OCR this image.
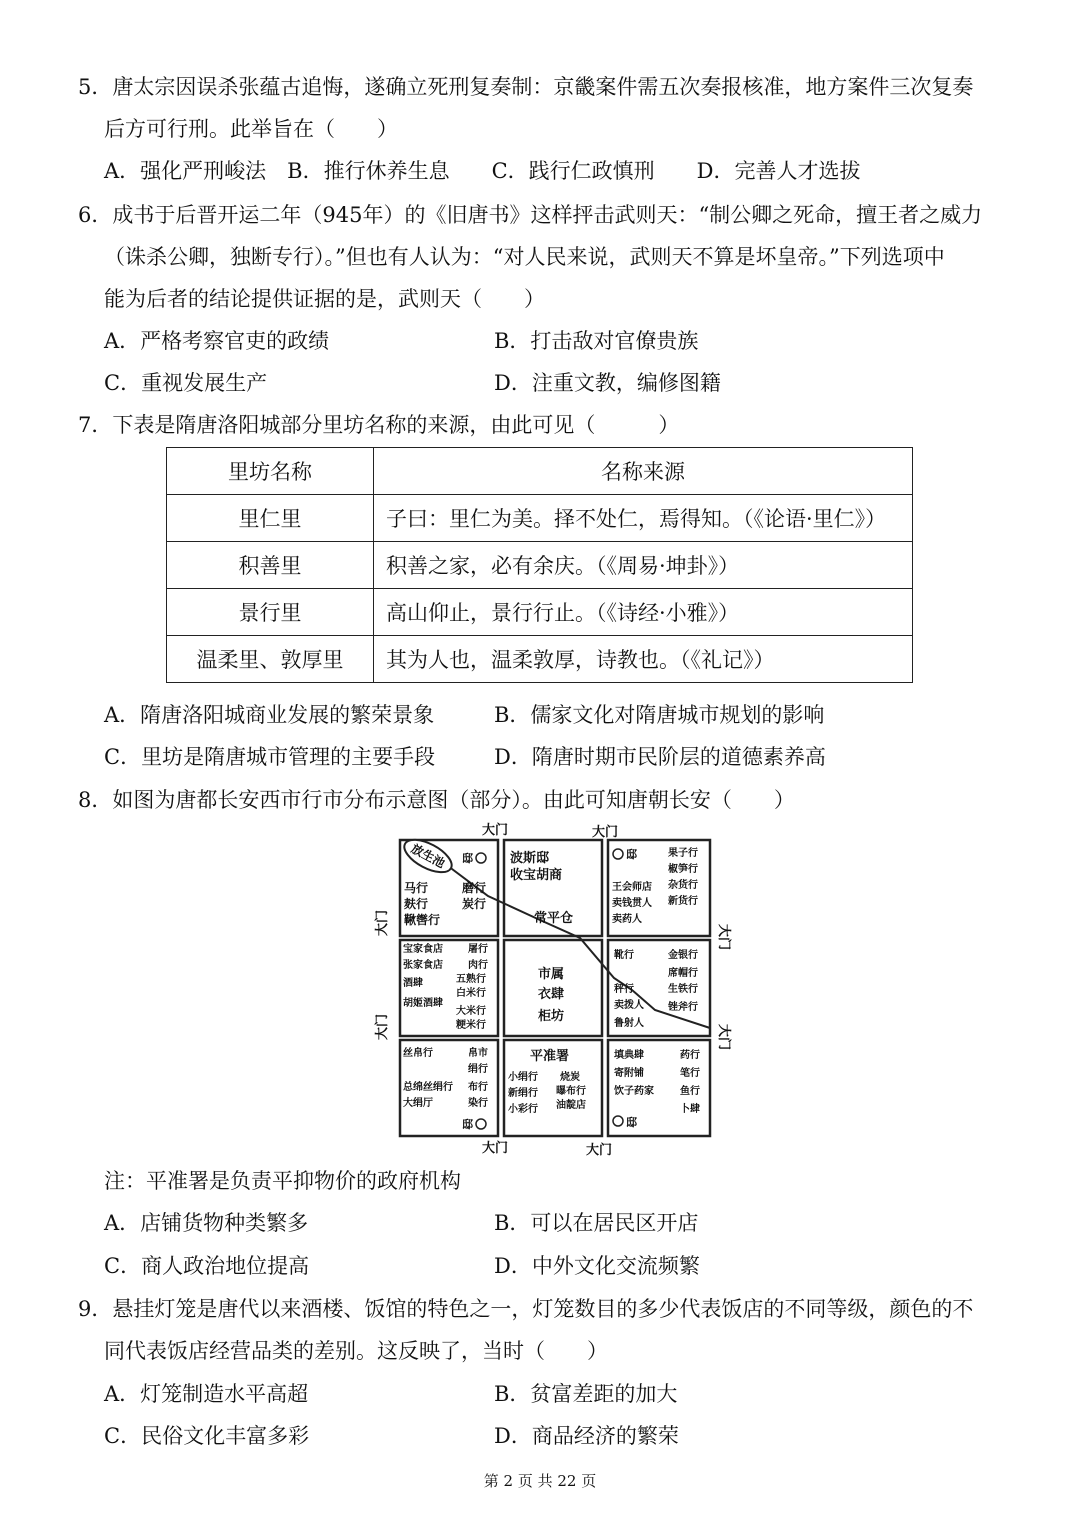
5．唐太宗因误杀张蕴古追悔，遂确立死刑复奏制：京畿案件需五次奏报核准，地方案件三次复奏
后方可行刑。此举旨在（　　）
A．强化严刑峻法　B．推行休养生息　　C．践行仁政慎刑　　D．完善人才选拔
6．成书于后晋开运二年（945年）的《旧唐书》这样抨击武则天：“制公卿之死命，擅王者之威力
（诛杀公卿，独断专行）。”但也有人认为：“对人民来说，武则天不算是坏皇帝。”下列选项中
能为后者的结论提供证据的是，武则天（　　）
A．严格考察官吏的政绩	B．打击敌对官僚贵族
C．重视发展生产	D．注重文教，编修图籍
7．下表是隋唐洛阳城部分里坊名称的来源，由此可见（　　　）
里坊名称	名称来源
里仁里	子曰：里仁为美。择不处仁，焉得知。（《论语·里仁》）
积善里	积善之家，必有余庆。（《周易·坤卦》）
景行里	高山仰止，景行行止。（《诗经·小雅》）
温柔里、敦厚里	其为人也，温柔敦厚，诗教也。（《礼记》）
A．隋唐洛阳城商业发展的繁荣景象	B．儒家文化对隋唐城市规划的影响
C．里坊是隋唐城市管理的主要手段	D．隋唐时期市民阶层的道德素养高
8．如图为唐都长安西市行市分布示意图（部分）。由此可知唐朝长安（　　）
放生池
大门	大门
大门	大门
大门
大门
大门
大门
邸
马行	磨行
麸行	炭行
鞦辔行
波斯邸
收宝胡商
常平仓
邸	果子行
椒笋行
王会师店 杂货行
卖钱贯人 新货行
卖药人
宝家食店	屠行
张家食店	肉行
酒肆	五熟行
白米行
胡姬酒肆
大米行
粳米行
市属
衣肆
柜坊
靴行	金银行
席帽行
秤行	生铁行
卖拨人 锉斧行
鲁射人
丝帛行	帛市
绢行
总绵丝绢行 布行
大绢厅	染行
邸
平准署
小绢行 烧炭
新绢行 曝布行
小彩行 油靛店
填典肆	药行
寄附铺	笔行
饮子药家	鱼行
卜肆
邸
注：平准署是负责平抑物价的政府机构
A．店铺货物种类繁多	B．可以在居民区开店
C．商人政治地位提高	D．中外文化交流频繁
9．悬挂灯笼是唐代以来酒楼、饭馆的特色之一，灯笼数目的多少代表饭店的不同等级，颜色的不
同代表饭店经营品类的差别。这反映了，当时（　　）
A．灯笼制造水平高超	B．贫富差距的加大
C．民俗文化丰富多彩	D．商品经济的繁荣
第 2 页 共 22 页
